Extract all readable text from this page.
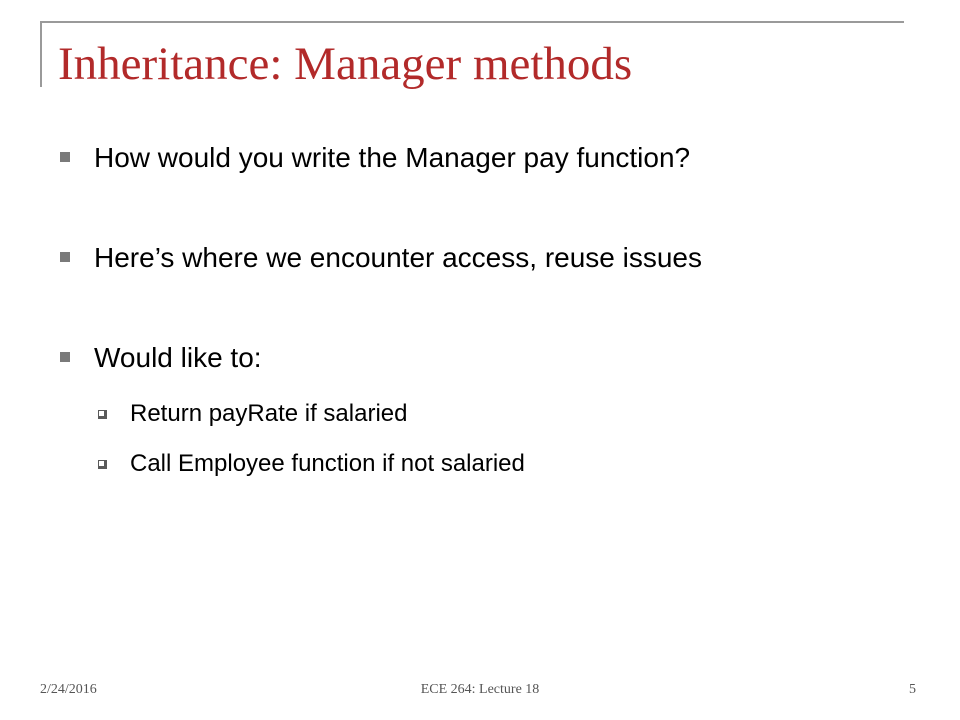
Inheritance: Manager methods
How would you write the Manager pay function?
Here’s where we encounter access, reuse issues
Would like to:
Return payRate if salaried
Call Employee function if not salaried
2/24/2016	ECE 264: Lecture 18	5
